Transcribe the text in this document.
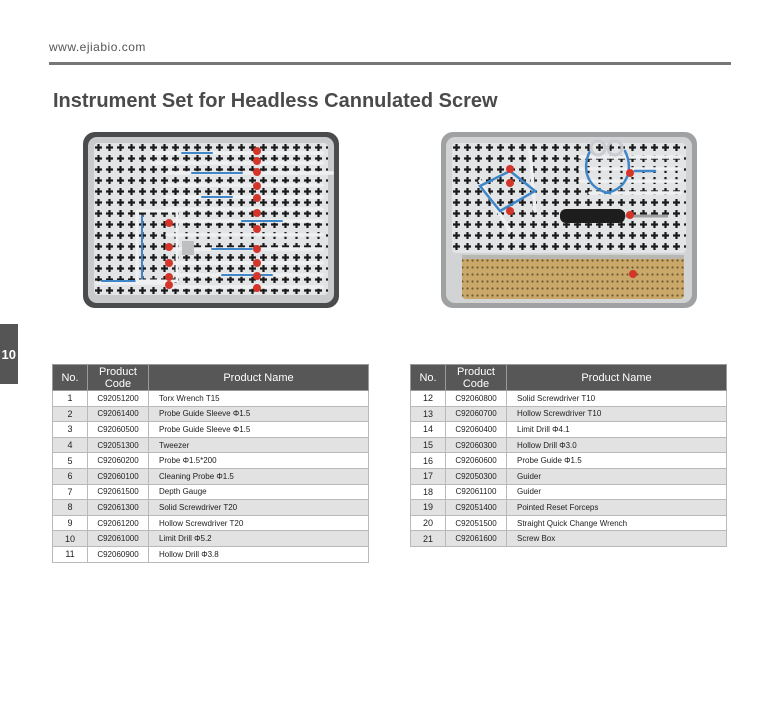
www.ejiabio.com
Instrument Set for Headless Cannulated Screw
10
No.	Product Code	Product Name
1	C92051200	Torx Wrench T15
2	C92061400	Probe Guide Sleeve Φ1.5
3	C92060500	Probe Guide Sleeve Φ1.5
4	C92051300	Tweezer
5	C92060200	Probe Φ1.5*200
6	C92060100	Cleaning Probe Φ1.5
7	C92061500	Depth Gauge
8	C92061300	Solid Screwdriver T20
9	C92061200	Hollow Screwdriver T20
10	C92061000	Limit Drill Φ5.2
11	C92060900	Hollow Drill Φ3.8
No.	Product Code	Product Name
12	C92060800	Solid Screwdriver T10
13	C92060700	Hollow Screwdriver T10
14	C92060400	Limit Drill Φ4.1
15	C92060300	Hollow Drill Φ3.0
16	C92060600	Probe Guide Φ1.5
17	C92050300	Guider
18	C92061100	Guider
19	C92051400	Pointed Reset Forceps
20	C92051500	Straight Quick Change Wrench
21	C92061600	Screw Box
